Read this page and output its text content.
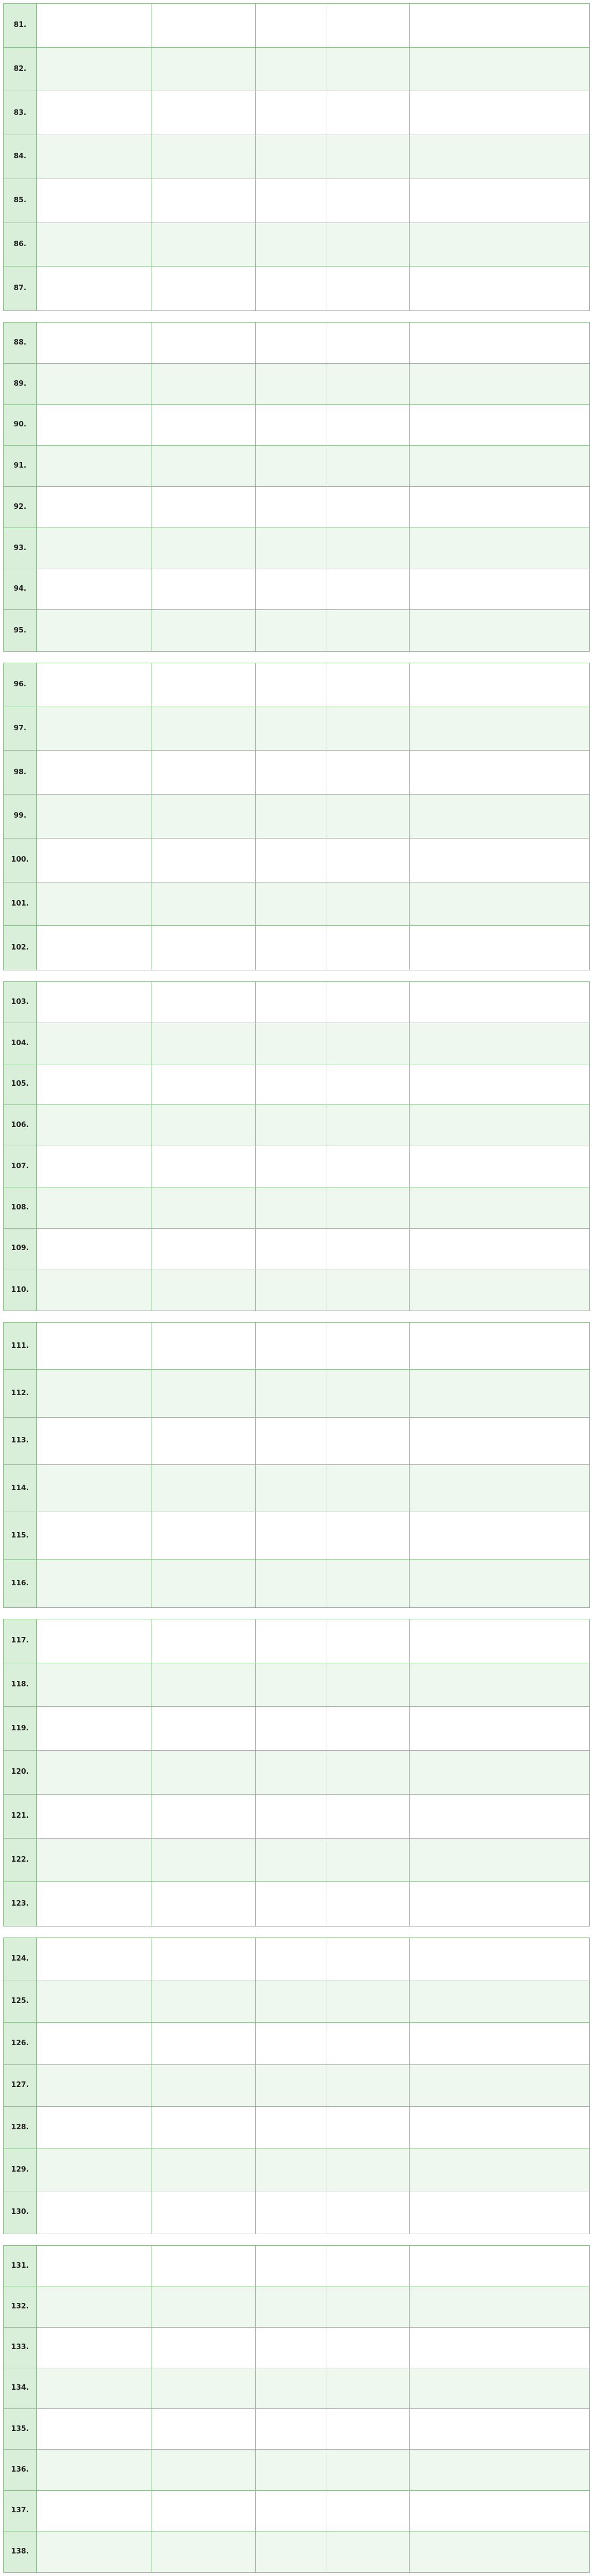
81.
82.
83.
84.
85.
86.
87.
88.
89.
90.
91.
92.
93.
94.
95.
96.
97.
98.
99.
100.
101.
102.
103.
104.
105.
106.
107.
108.
109.
110.
111.
112.
113.
114.
115.
116.
117.
118.
119.
120.
121.
122.
123.
124.
125.
126.
127.
128.
129.
130.
131.
132.
133.
134.
135.
136.
137.
138.
